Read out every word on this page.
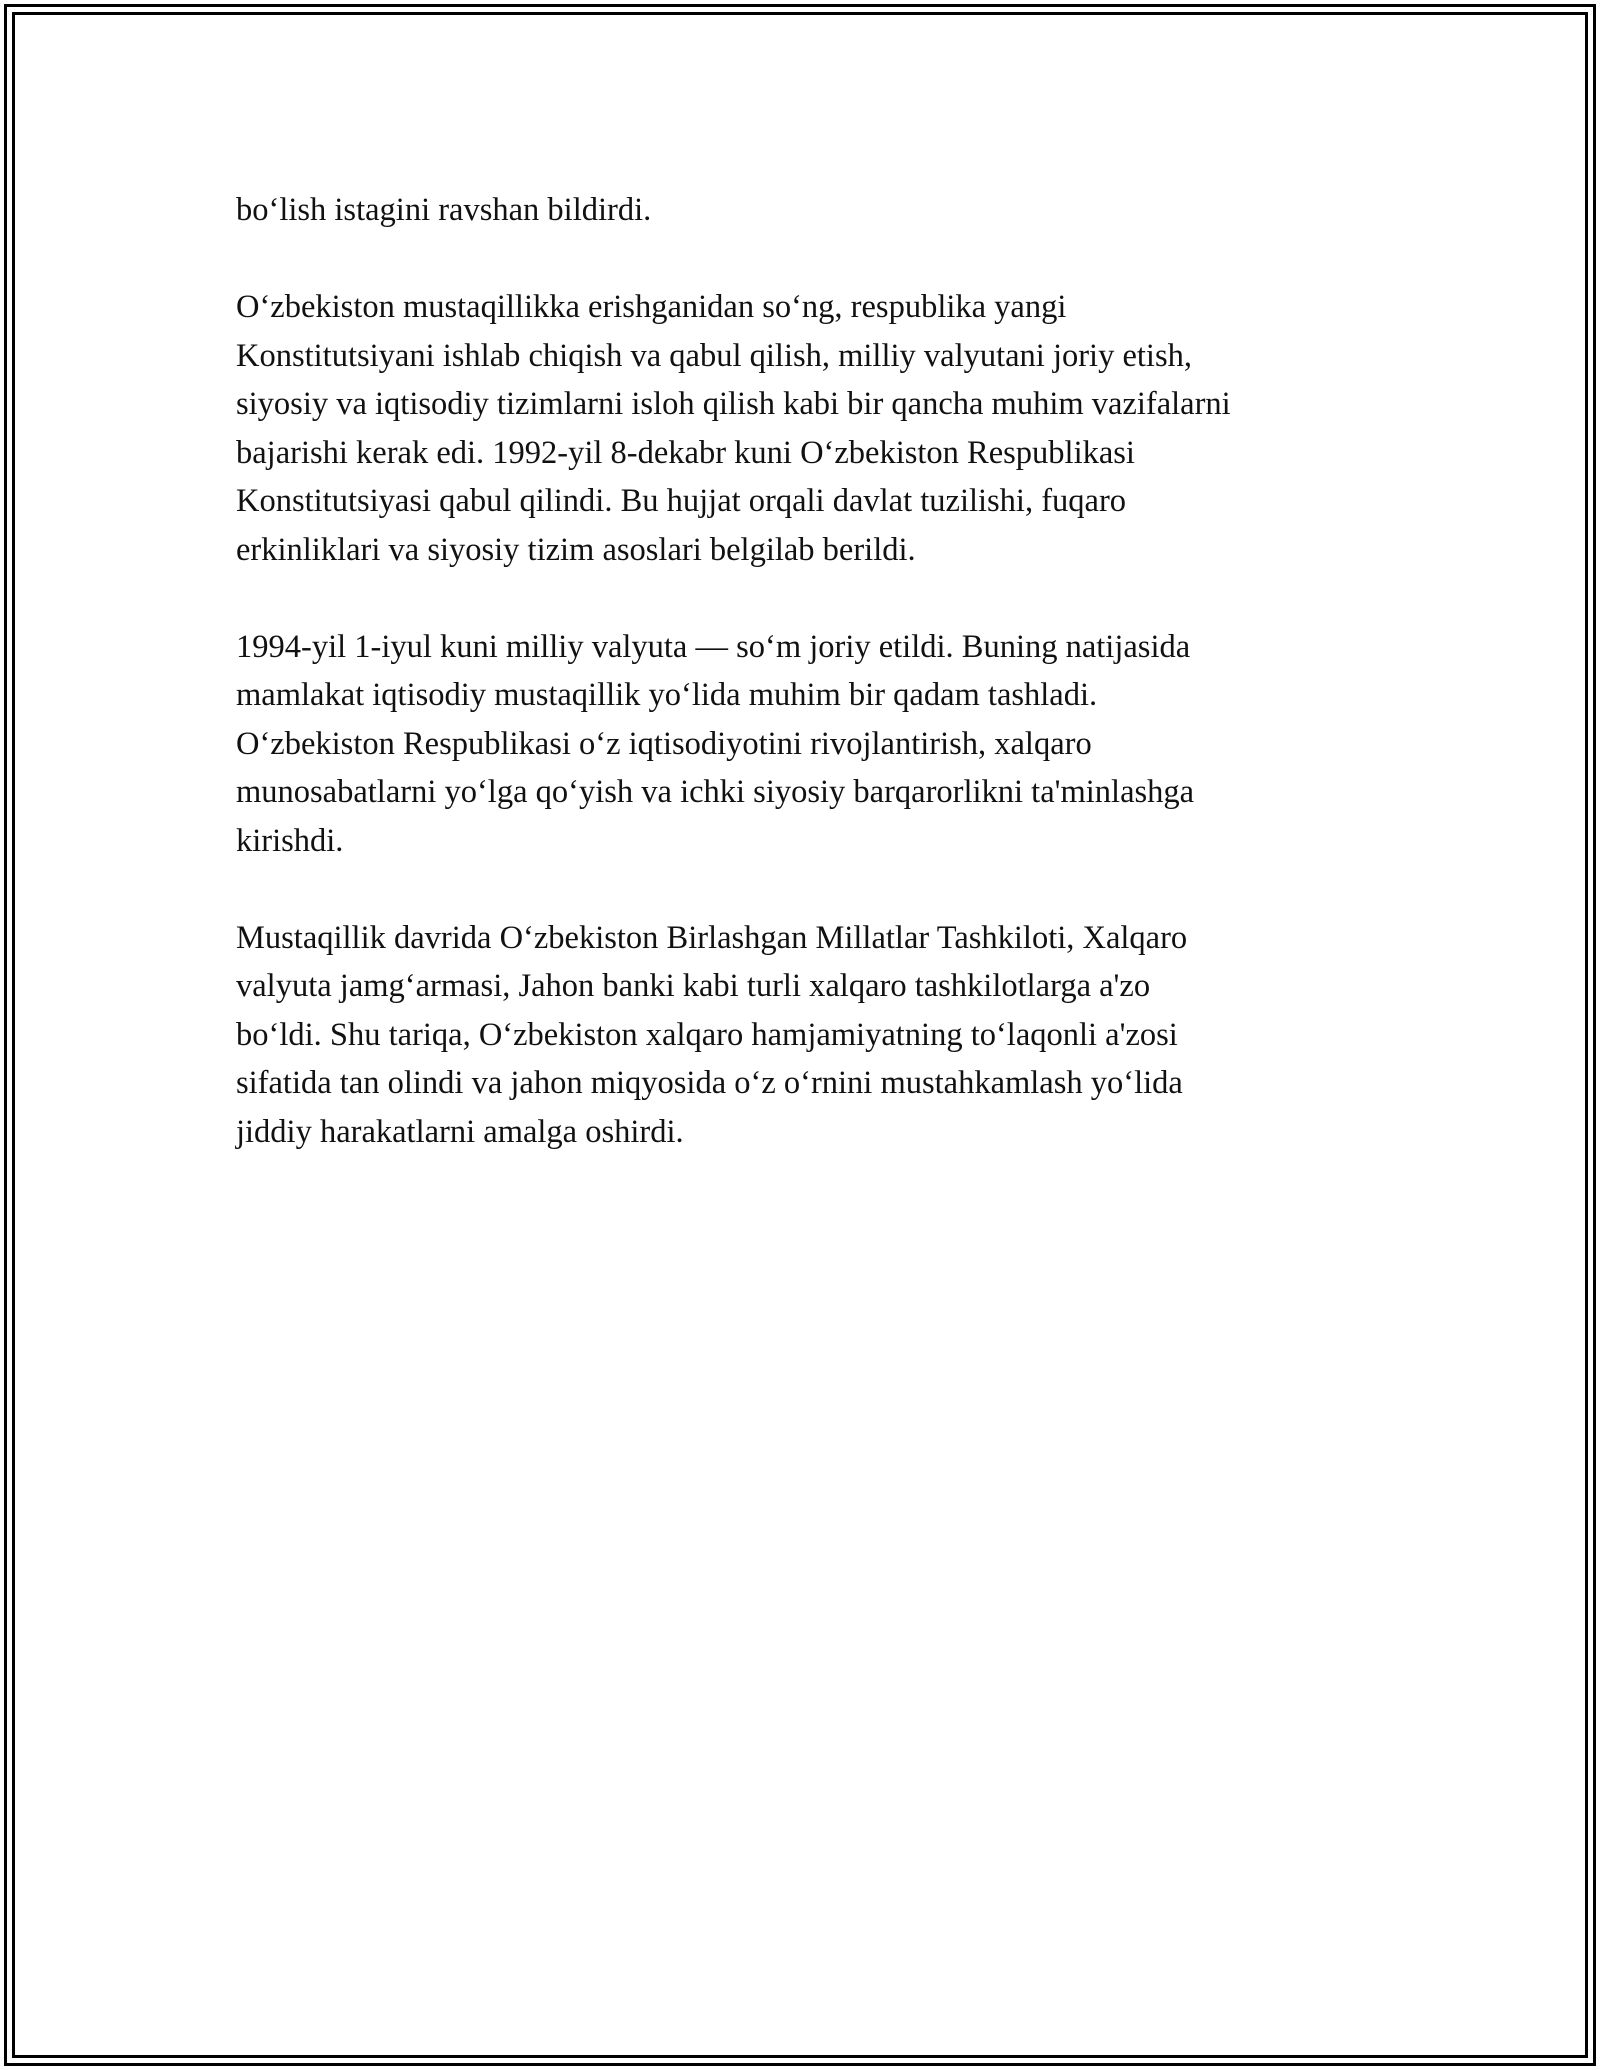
bo‘lish istagini ravshan bildirdi.

O‘zbekiston mustaqillikka erishganidan so‘ng, respublika yangi
Konstitutsiyani ishlab chiqish va qabul qilish, milliy valyutani joriy etish,
siyosiy va iqtisodiy tizimlarni isloh qilish kabi bir qancha muhim vazifalarni
bajarishi kerak edi. 1992-yil 8-dekabr kuni O‘zbekiston Respublikasi
Konstitutsiyasi qabul qilindi. Bu hujjat orqali davlat tuzilishi, fuqaro
erkinliklari va siyosiy tizim asoslari belgilab berildi.

1994-yil 1-iyul kuni milliy valyuta — so‘m joriy etildi. Buning natijasida
mamlakat iqtisodiy mustaqillik yo‘lida muhim bir qadam tashladi.
O‘zbekiston Respublikasi o‘z iqtisodiyotini rivojlantirish, xalqaro
munosabatlarni yo‘lga qo‘yish va ichki siyosiy barqarorlikni ta'minlashga
kirishdi.

Mustaqillik davrida O‘zbekiston Birlashgan Millatlar Tashkiloti, Xalqaro
valyuta jamg‘armasi, Jahon banki kabi turli xalqaro tashkilotlarga a'zo
bo‘ldi. Shu tariqa, O‘zbekiston xalqaro hamjamiyatning to‘laqonli a'zosi
sifatida tan olindi va jahon miqyosida o‘z o‘rnini mustahkamlash yo‘lida
jiddiy harakatlarni amalga oshirdi.
